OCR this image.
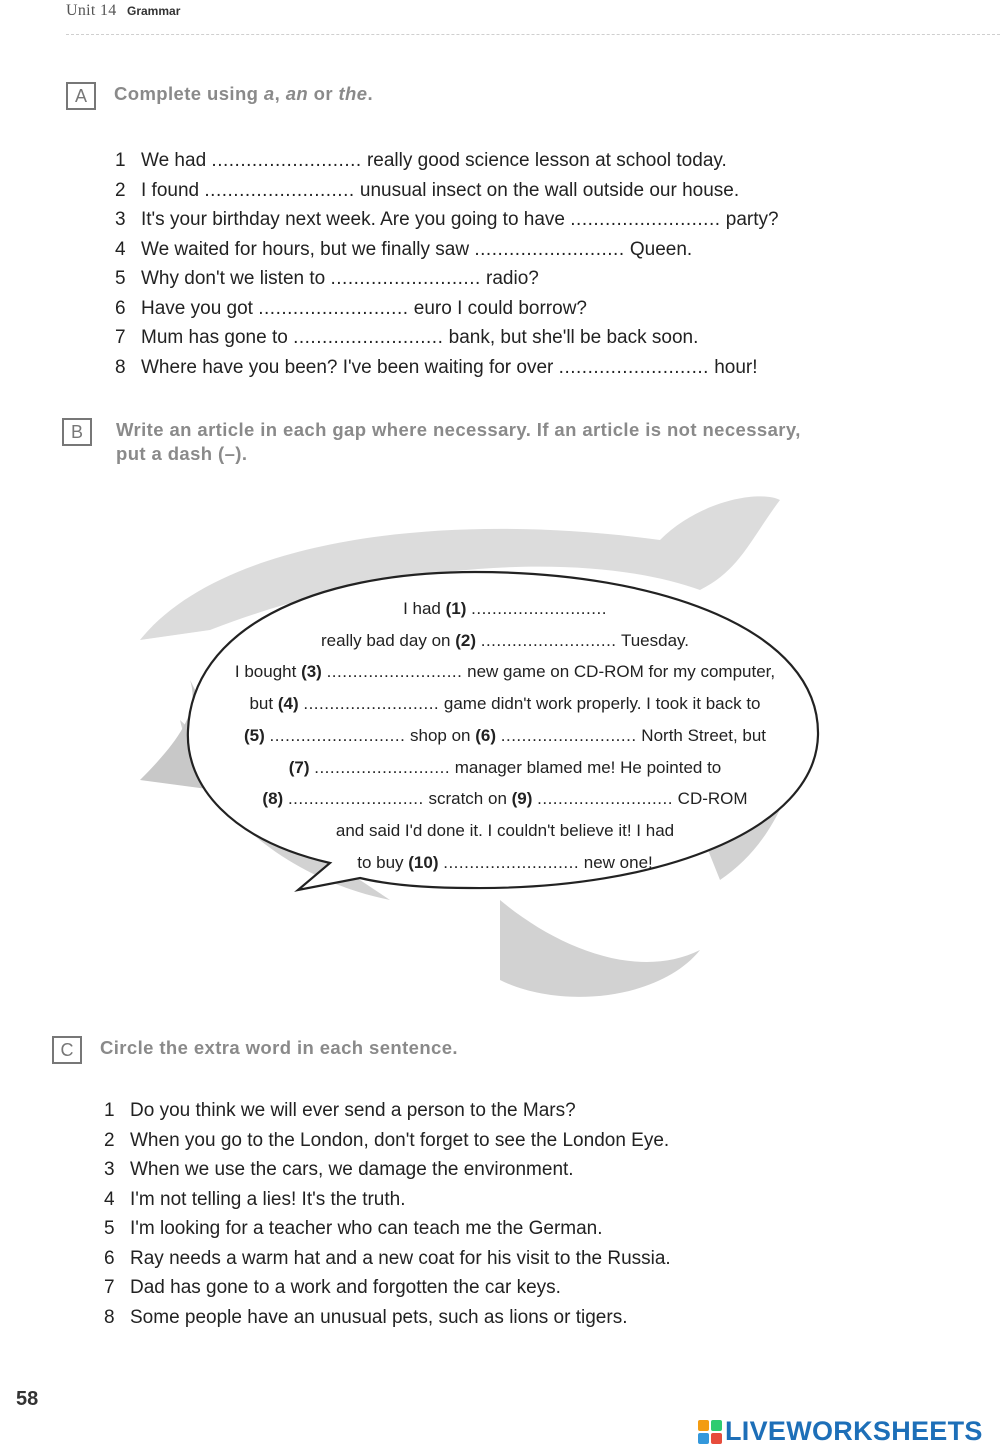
Unit 14 Grammar
A	Complete using a, an or the.
1 We had .......................... really good science lesson at school today.
2 I found .......................... unusual insect on the wall outside our house.
3 It's your birthday next week. Are you going to have .......................... party?
4 We waited for hours, but we finally saw .......................... Queen.
5 Why don't we listen to .......................... radio?
6 Have you got .......................... euro I could borrow?
7 Mum has gone to .......................... bank, but she'll be back soon.
8 Where have you been? I've been waiting for over .......................... hour!
B	Write an article in each gap where necessary. If an article is not necessary,
put a dash (–).
I had (1) ..........................
really bad day on (2) .......................... Tuesday.
I bought (3) .......................... new game on CD-ROM for my computer,
but (4) .......................... game didn't work properly. I took it back to
(5) .......................... shop on (6) .......................... North Street, but
(7) .......................... manager blamed me! He pointed to
(8) .......................... scratch on (9) .......................... CD-ROM
and said I'd done it. I couldn't believe it! I had
to buy (10) .......................... new one!
C	Circle the extra word in each sentence.
1 Do you think we will ever send a person to the Mars?
2 When you go to the London, don't forget to see the London Eye.
3 When we use the cars, we damage the environment.
4 I'm not telling a lies! It's the truth.
5 I'm looking for a teacher who can teach me the German.
6 Ray needs a warm hat and a new coat for his visit to the Russia.
7 Dad has gone to a work and forgotten the car keys.
8 Some people have an unusual pets, such as lions or tigers.
58
LIVEWORKSHEETS
